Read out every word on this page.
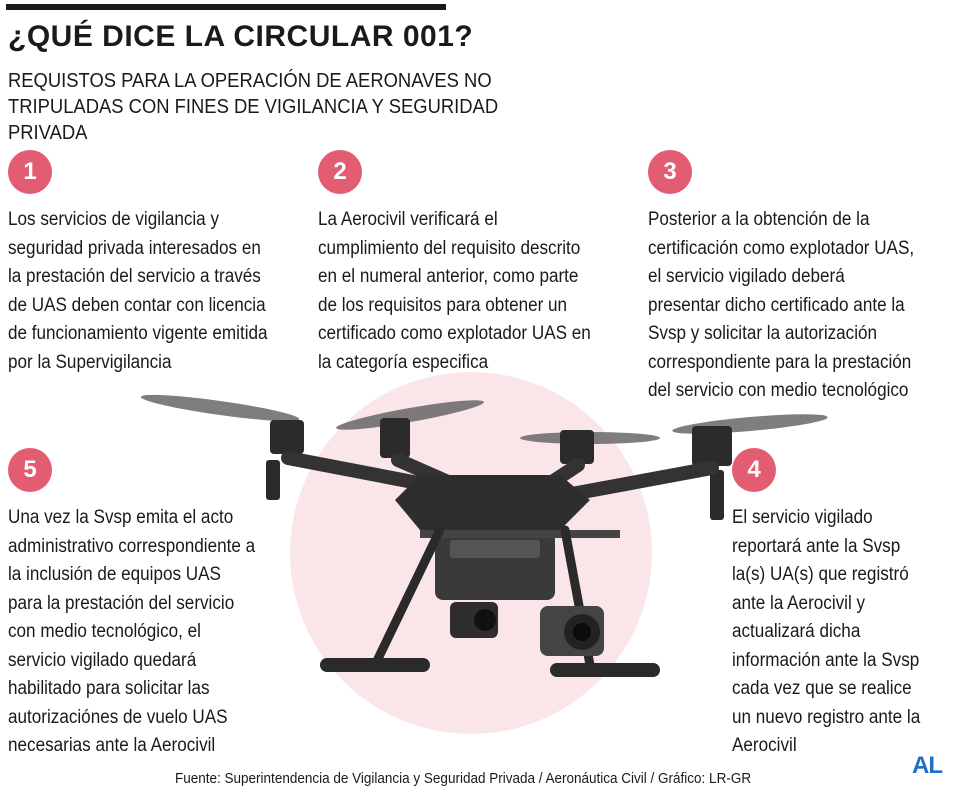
¿QUÉ DICE LA CIRCULAR 001?

REQUISTOS PARA LA OPERACIÓN DE AERONAVES NO TRIPULADAS CON FINES DE VIGILANCIA Y SEGURIDAD PRIVADA

1

Los servicios de vigilancia y seguridad privada interesados en la prestación del servicio a través de UAS deben contar con licencia de funcionamiento vigente emitida por la Supervigilancia

2

La Aerocivil verificará el cumplimiento del requisito descrito en el numeral anterior, como parte de los requisitos para obtener un certificado como explotador UAS en la categoría especifica

3

Posterior a la obtención de la certificación como explotador UAS, el servicio vigilado deberá presentar dicho certificado ante la Svsp y solicitar la autorización correspondiente para la prestación del servicio con medio tecnológico

4

El servicio vigilado reportará ante la Svsp la(s) UA(s) que registró ante la Aerocivil y actualizará dicha información ante la Svsp cada vez que se realice un nuevo registro ante la Aerocivil

5

Una vez la Svsp emita el acto administrativo correspondiente a la inclusión de equipos UAS para la prestación del servicio con medio tecnológico, el servicio vigilado quedará habilitado para solicitar las autorizaciónes de vuelo UAS necesarias ante la Aerocivil

Fuente: Superintendencia de Vigilancia y Seguridad Privada / Aeronáutica Civil / Gráfico: LR-GR	AL
